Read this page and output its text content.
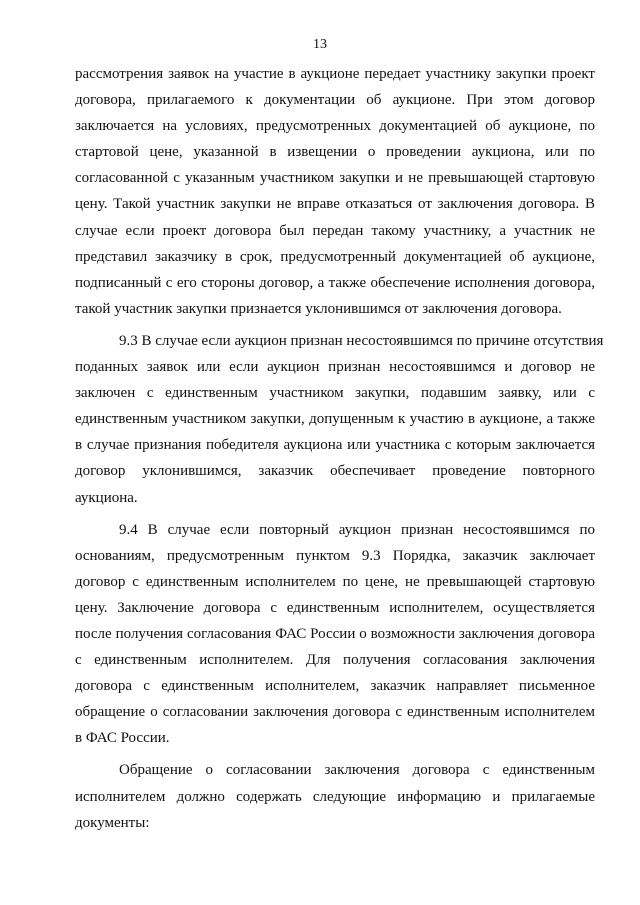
13
рассмотрения заявок на участие в аукционе передает участнику закупки проект
договора, прилагаемого к документации об аукционе. При этом договор
заключается на условиях, предусмотренных документацией об аукционе, по
стартовой цене, указанной в извещении о проведении аукциона, или по
согласованной с указанным участником закупки и не превышающей стартовую
цену. Такой участник закупки не вправе отказаться от заключения договора. В
случае если проект договора был передан такому участнику, а участник не
представил заказчику в срок, предусмотренный документацией об аукционе,
подписанный с его стороны договор, а также обеспечение исполнения договора,
такой участник закупки признается уклонившимся от заключения договора.
9.3 В случае если аукцион признан несостоявшимся по причине отсутствия
поданных заявок или если аукцион признан несостоявшимся и договор не
заключен с единственным участником закупки, подавшим заявку, или с
единственным участником закупки, допущенным к участию в аукционе, а также
в случае признания победителя аукциона или участника с которым заключается
договор уклонившимся, заказчик обеспечивает проведение повторного
аукциона.
9.4 В случае если повторный аукцион признан несостоявшимся по
основаниям, предусмотренным пунктом 9.3 Порядка, заказчик заключает
договор с единственным исполнителем по цене, не превышающей стартовую
цену. Заключение договора с единственным исполнителем, осуществляется
после получения согласования ФАС России о возможности заключения договора
с единственным исполнителем. Для получения согласования заключения
договора с единственным исполнителем, заказчик направляет письменное
обращение о согласовании заключения договора с единственным исполнителем
в ФАС России.
Обращение о согласовании заключения договора с единственным
исполнителем должно содержать следующие информацию и прилагаемые
документы:
